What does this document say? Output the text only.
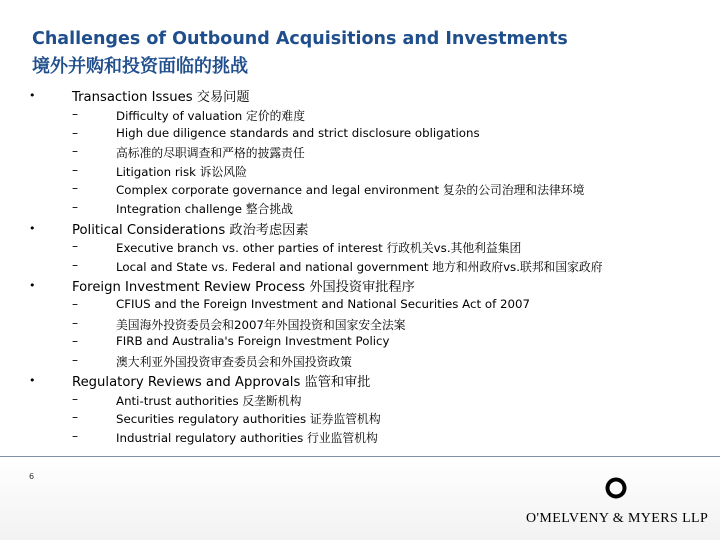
Challenges of Outbound Acquisitions and Investments
境外并购和投资面临的挑战
•	Transaction Issues 交易问题
–	Difficulty of valuation 定价的难度
–	High due diligence standards and strict disclosure obligations
–	高标准的尽职调查和严格的披露责任
–	Litigation risk 诉讼风险
–	Complex corporate governance and legal environment 复杂的公司治理和法律环境
–	Integration challenge 整合挑战
•	Political Considerations 政治考虑因素
–	Executive branch vs. other parties of interest 行政机关vs.其他利益集团
–	Local and State vs. Federal and national government 地方和州政府vs.联邦和国家政府
•	Foreign Investment Review Process 外国投资审批程序
–	CFIUS and the Foreign Investment and National Securities Act of 2007
–	美国海外投资委员会和2007年外国投资和国家安全法案
–	FIRB and Australia's Foreign Investment Policy
–	澳大利亚外国投资审查委员会和外国投资政策
•	Regulatory Reviews and Approvals 监管和审批
–	Anti-trust authorities 反垄断机构
–	Securities regulatory authorities 证券监管机构
–	Industrial regulatory authorities 行业监管机构
6
O'MELVENY & MYERS LLP
